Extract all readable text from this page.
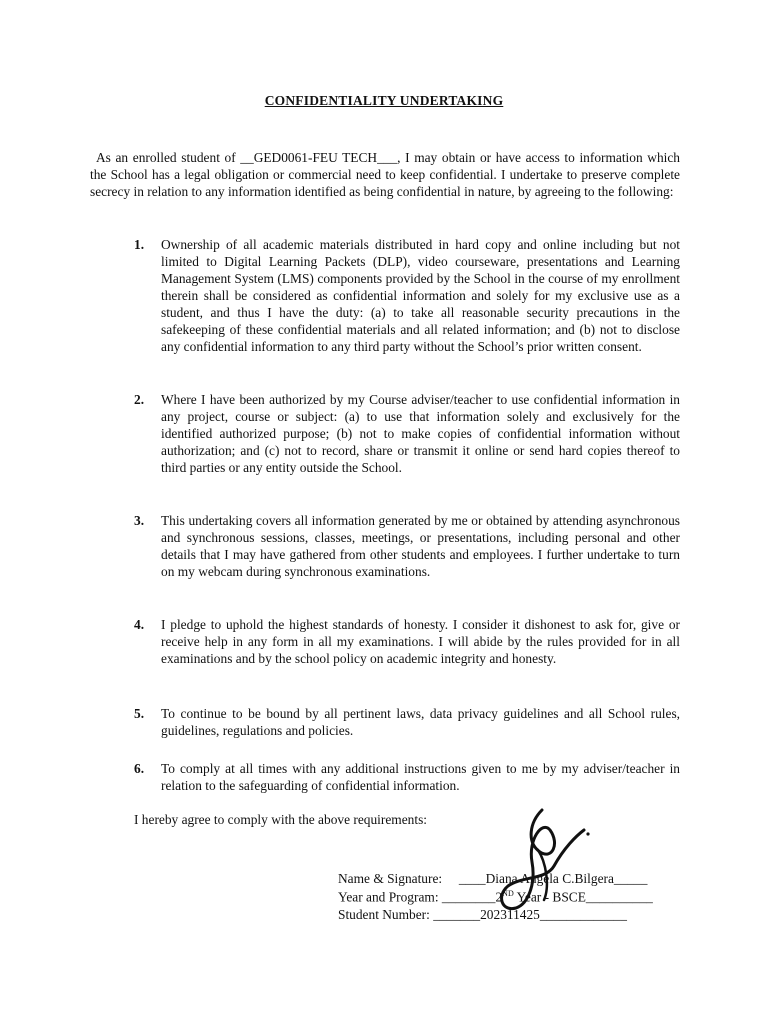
CONFIDENTIALITY UNDERTAKING
As an enrolled student of __GED0061-FEU TECH___, I may obtain or have access to information which the School has a legal obligation or commercial need to keep confidential. I undertake to preserve complete secrecy in relation to any information identified as being confidential in nature, by agreeing to the following:
1.	Ownership of all academic materials distributed in hard copy and online including but not limited to Digital Learning Packets (DLP), video courseware, presentations and Learning Management System (LMS) components provided by the School in the course of my enrollment therein shall be considered as confidential information and solely for my exclusive use as a student, and thus I have the duty: (a) to take all reasonable security precautions in the safekeeping of these confidential materials and all related information; and (b) not to disclose any confidential information to any third party without the School’s prior written consent.
2.	Where I have been authorized by my Course adviser/teacher to use confidential information in any project, course or subject: (a) to use that information solely and exclusively for the identified authorized purpose; (b) not to make copies of confidential information without authorization; and (c) not to record, share or transmit it online or send hard copies thereof to third parties or any entity outside the School.
3.	This undertaking covers all information generated by me or obtained by attending asynchronous and synchronous sessions, classes, meetings, or presentations, including personal and other details that I may have gathered from other students and employees. I further undertake to turn on my webcam during synchronous examinations.
4.	I pledge to uphold the highest standards of honesty. I consider it dishonest to ask for, give or receive help in any form in all my examinations. I will abide by the rules provided for in all examinations and by the school policy on academic integrity and honesty.
5.	To continue to be bound by all pertinent laws, data privacy guidelines and all School rules, guidelines, regulations and policies.
6.	To comply at all times with any additional instructions given to me by my adviser/teacher in relation to the safeguarding of confidential information.
I hereby agree to comply with the above requirements:
Name & Signature: ____Diana Angela C.Bilgera_____
Year and Program: ________2ND Year - BSCE__________
Student Number: _______202311425_____________
